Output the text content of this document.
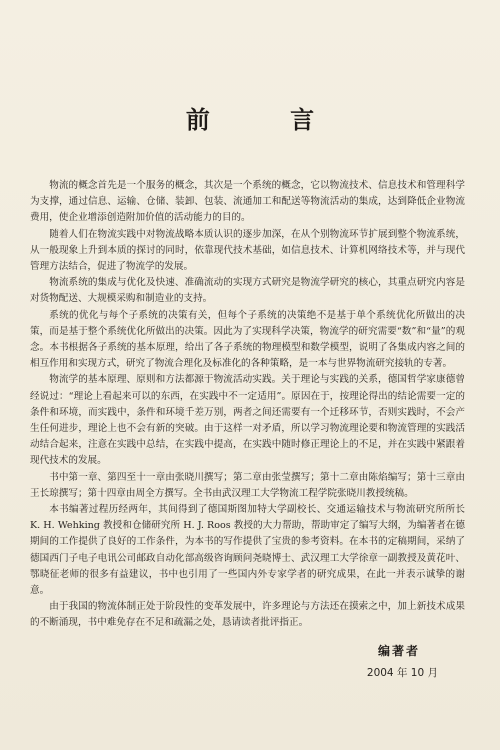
前 言

物流的概念首先是一个服务的概念，其次是一个系统的概念，它以物流技术、信息技术和管理科学为支撑，通过信息、运输、仓储、装卸、包装、流通加工和配送等物流活动的集成，达到降低企业物流费用，使企业增添创造附加价值的活动能力的目的。

随着人们在物流实践中对物流战略本质认识的逐步加深，在从个别物流环节扩展到整个物流系统，从一般现象上升到本质的探讨的同时，依靠现代技术基础，如信息技术、计算机网络技术等，并与现代管理方法结合，促进了物流学的发展。

物流系统的集成与优化及快速、准确流动的实现方式研究是物流学研究的核心，其重点研究内容是对货物配送、大规模采购和制造业的支持。

系统的优化与每个子系统的决策有关，但每个子系统的决策绝不是基于单个系统优化所做出的决策，而是基于整个系统优化所做出的决策。因此为了实现科学决策，物流学的研究需要“数”和“量”的观念。本书根据各子系统的基本原理，给出了各子系统的物理模型和数学模型，说明了各集成内容之间的相互作用和实现方式，研究了物流合理化及标准化的各种策略，是一本与世界物流研究接轨的专著。

物流学的基本原理、原则和方法都源于物流活动实践。关于理论与实践的关系，德国哲学家康德曾经说过：“理论上看起来可以的东西，在实践中不一定适用”。原因在于，按理论得出的结论需要一定的条件和环境，而实践中，条件和环境千差万别，两者之间还需要有一个迁移环节，否则实践时，不会产生任何进步，理论上也不会有新的突破。由于这样一对矛盾，所以学习物流理论要和物流管理的实践活动结合起来，注意在实践中总结，在实践中提高，在实践中随时修正理论上的不足，并在实践中紧跟着现代技术的发展。

书中第一章、第四至十一章由张晓川撰写；第二章由张莹撰写；第十二章由陈焰编写；第十三章由王长琼撰写；第十四章由周全方撰写。全书由武汉理工大学物流工程学院张晓川教授统稿。

本书编著过程历经两年，其间得到了德国斯图加特大学副校长、交通运输技术与物流研究所所长 K. H. Wehking 教授和仓储研究所 H. J. Roos 教授的大力帮助，帮助审定了编写大纲，为编著者在德期间的工作提供了良好的工作条件，为本书的写作提供了宝贵的参考资料。在本书的定稿期间，采纳了德国西门子电子电讯公司邮政自动化部高级咨询顾问尧晓博士、武汉理工大学徐章一副教授及黄花叶、鄂晓征老师的很多有益建议，书中也引用了一些国内外专家学者的研究成果，在此一并表示诚挚的谢意。

由于我国的物流体制正处于阶段性的变革发展中，许多理论与方法还在摸索之中，加上新技术成果的不断涌现，书中难免存在不足和疏漏之处，恳请读者批评指正。

编著者
2004 年 10 月
